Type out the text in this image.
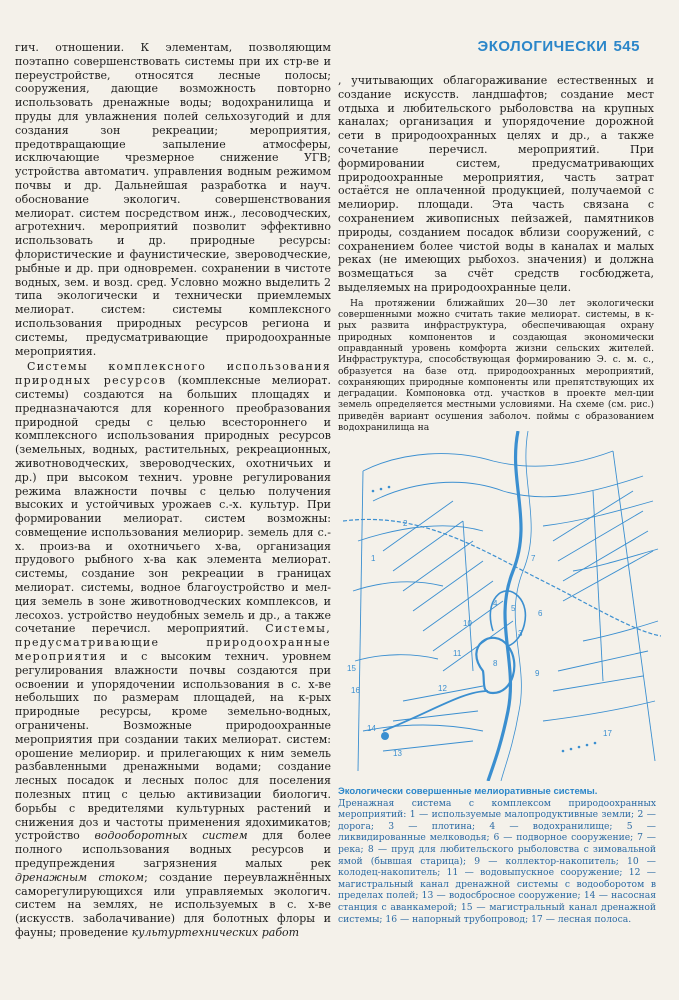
ЭКОЛОГИЧЕСКИ 545

гич. отношении. К элементам, позволяющим поэтапно совершенствовать системы при их стр-ве и переустройстве, относятся лесные полосы; сооружения, дающие возможность повторно использовать дренажные воды; водохранилища и пруды для увлажнения полей сельхозугодий и для создания зон рекреации; мероприятия, предотвращающие запыление атмосферы, исключающие чрезмерное снижение УГВ; устройства автоматич. управления водным режимом почвы и др. Дальнейшая разработка и науч. обоснование экологич. совершенствования мелиорат. систем посредством инж., лесоводческих, агротехнич. мероприятий позволит эффективно использовать и др. природные ресурсы: флористические и фаунистические, звероводческие, рыбные и др. при одновремен. сохранении в чистоте водных, зем. и возд. сред. Условно можно выделить 2 типа экологически и технически приемлемых мелиорат. систем: системы комплексного использования природных ресурсов региона и системы, предусматривающие природоохранные мероприятия.

Системы комплексного использования природных ресурсов (комплексные мелиорат. системы) создаются на больших площадях и предназначаются для коренного преобразования природной среды с целью всестороннего и комплексного использования природных ресурсов (земельных, водных, растительных, рекреационных, животноводческих, звероводческих, охотничьих и др.) при высоком технич. уровне регулирования режима влажности почвы с целью получения высоких и устойчивых урожаев с.-х. культур. При формировании мелиорат. систем возможны: совмещение использования мелиорир. земель для с.-х. произ-ва и охотничьего х-ва, организация прудового рыбного х-ва как элемента мелиорат. системы, создание зон рекреации в границах мелиорат. системы, водное благоустройство и мел-ция земель в зоне животноводческих комплексов, и лесохоз. устройство неудобных земель и др., а также сочетание перечисл. мероприятий. Системы, предусматривающие природоохранные мероприятия и с высоким технич. уровнем регулирования влажности почвы создаются при освоении и упорядочении использования в с. х-ве небольших по размерам площадей, на к-рых природные ресурсы, кроме земельно-водных, ограничены. Возможные природоохранные мероприятия при создании таких мелиорат. систем: орошение мелиорир. и прилегающих к ним земель разбавленными дренажными водами; создание лесных посадок и лесных полос для поселения полезных птиц с целью активизации биологич. борьбы с вредителями культурных растений и снижения доз и частоты применения ядохимикатов; устройство водооборотных систем для более полного использования водных ресурсов и предупреждения загрязнения малых рек дренажным стоком; создание переувлажнённых саморегулирующихся или управляемых экологич. систем на землях, не используемых в с. х-ве (искусств. заболачивание) для болотных флоры и фауны; проведение культуртехнических работ

, учитывающих облагораживание естественных и создание искусств. ландшафтов; создание мест отдыха и любительского рыболовства на крупных каналах; организация и упорядочение дорожной сети в природоохранных целях и др., а также сочетание перечисл. мероприятий. При формировании систем, предусматривающих природоохранные мероприятия, часть затрат остаётся не оплаченной продукцией, получаемой с мелиорир. площади. Эта часть связана с сохранением живописных пейзажей, памятников природы, созданием посадок вблизи сооружений, с сохранением более чистой воды в каналах и малых реках (не имеющих рыбохоз. значения) и должна возмещаться за счёт средств госбюджета, выделяемых на природоохранные цели.

На протяжении ближайших 20—30 лет экологически совершенными можно считать такие мелиорат. системы, в к-рых развита инфраструктура, обеспечивающая охрану природных компонентов и создающая экономически оправданный уровень комфорта жизни сельских жителей. Инфраструктура, способствующая формированию Э. с. м. с., образуется на базе отд. природоохранных мероприятий, сохраняющих природные компоненты или препятствующих их деградации. Компоновка отд. участков в проекте мел-ции земель определяется местными условиями. На схеме (см. рис.) приведён вариант осушения заболоч. поймы с образованием водохранилища на

15
16
14
13
12
11
10
9
8
7
6
5
4
3
2
1
17
Экологически совершенные мелиоративные системы.
Дренажная система с комплексом природоохранных мероприятий: 1 — используемые малопродуктивные земли; 2 — дорога; 3 — плотина; 4 — водохранилище; 5 — ликвидированные мелководья; 6 — подворное сооружение; 7 — река; 8 — пруд для любительского рыболовства с зимовальной ямой (бывшая старица); 9 — коллектор-накопитель; 10 — колодец-накопитель; 11 — водовыпускное сооружение; 12 — магистральный канал дренажной системы с водооборотом в пределах полей; 13 — водосбросное сооружение; 14 — насосная станция с аванкамерой; 15 — магистральный канал дренажной системы; 16 — напорный трубопровод; 17 — лесная полоса.
